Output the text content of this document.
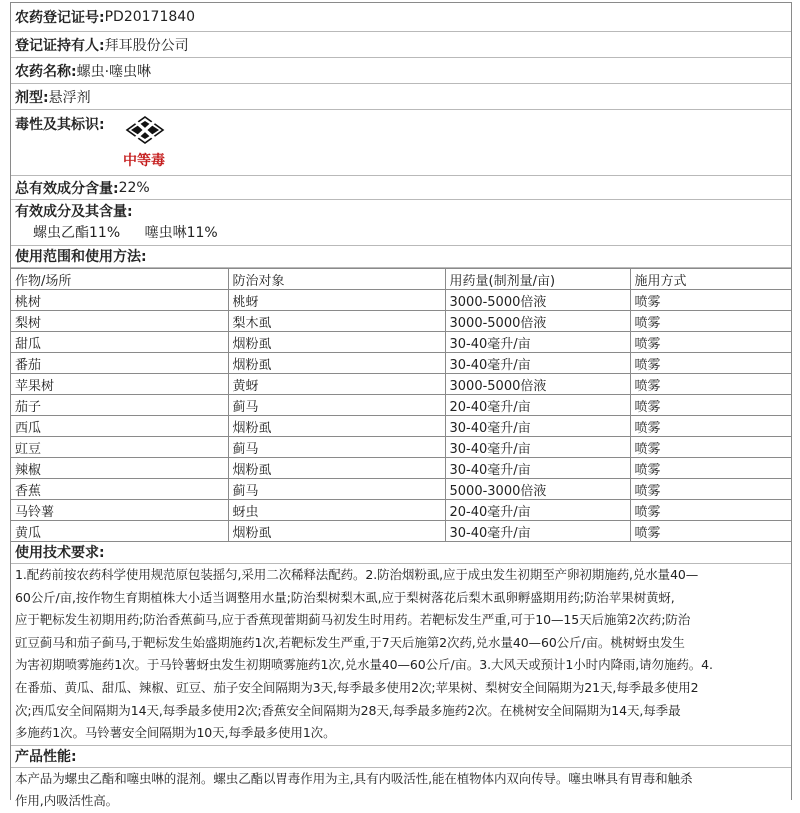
农药登记证号: PD20171840
登记证持有人: 拜耳股份公司
农药名称: 螺虫·噻虫啉
剂型: 悬浮剂
毒性及其标识:
中等毒
总有效成分含量: 22%
有效成分及其含量:
螺虫乙酯11% 噻虫啉11%
使用范围和使用方法:
作物/场所	防治对象	用药量(制剂量/亩)	施用方式
桃树	桃蚜	3000-5000倍液	喷雾
梨树	梨木虱	3000-5000倍液	喷雾
甜瓜	烟粉虱	30-40毫升/亩	喷雾
番茄	烟粉虱	30-40毫升/亩	喷雾
苹果树	黄蚜	3000-5000倍液	喷雾
茄子	蓟马	20-40毫升/亩	喷雾
西瓜	烟粉虱	30-40毫升/亩	喷雾
豇豆	蓟马	30-40毫升/亩	喷雾
辣椒	烟粉虱	30-40毫升/亩	喷雾
香蕉	蓟马	5000-3000倍液	喷雾
马铃薯	蚜虫	20-40毫升/亩	喷雾
黄瓜	烟粉虱	30-40毫升/亩	喷雾
使用技术要求:
1.配药前按农药科学使用规范原包装摇匀,采用二次稀释法配药。2.防治烟粉虱,应于成虫发生初期至产卵初期施药,兑水量40—
60公斤/亩,按作物生育期植株大小适当调整用水量;防治梨树梨木虱,应于梨树落花后梨木虱卵孵盛期用药;防治苹果树黄蚜,
应于靶标发生初期用药;防治香蕉蓟马,应于香蕉现蕾期蓟马初发生时用药。若靶标发生严重,可于10—15天后施第2次药;防治
豇豆蓟马和茄子蓟马,于靶标发生始盛期施药1次,若靶标发生严重,于7天后施第2次药,兑水量40—60公斤/亩。桃树蚜虫发生
为害初期喷雾施药1次。于马铃薯蚜虫发生初期喷雾施药1次,兑水量40—60公斤/亩。3.大风天或预计1小时内降雨,请勿施药。4.
在番茄、黄瓜、甜瓜、辣椒、豇豆、茄子安全间隔期为3天,每季最多使用2次;苹果树、梨树安全间隔期为21天,每季最多使用2
次;西瓜安全间隔期为14天,每季最多使用2次;香蕉安全间隔期为28天,每季最多施药2次。在桃树安全间隔期为14天,每季最
多施药1次。马铃薯安全间隔期为10天,每季最多使用1次。
产品性能:
本产品为螺虫乙酯和噻虫啉的混剂。螺虫乙酯以胃毒作用为主,具有内吸活性,能在植物体内双向传导。噻虫啉具有胃毒和触杀
作用,内吸活性高。
